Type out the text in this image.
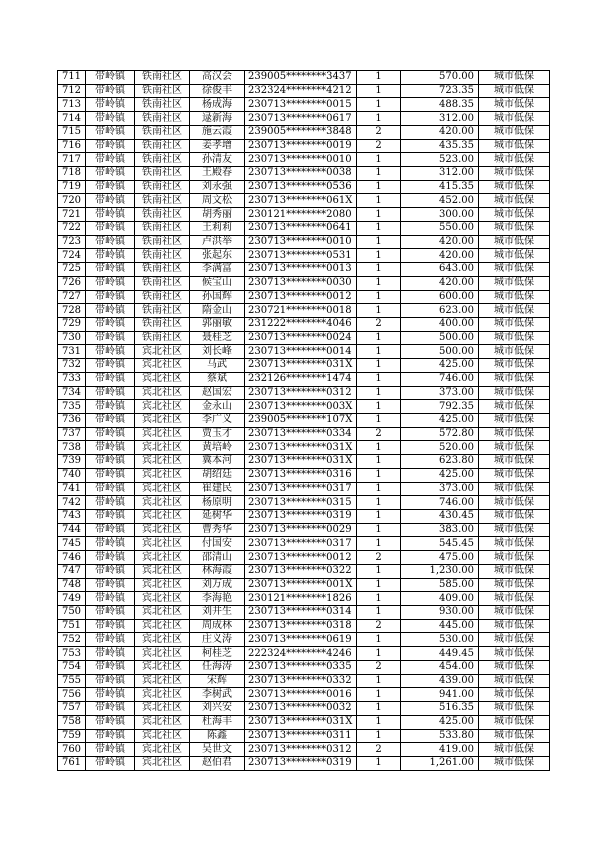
711	带岭镇	铁南社区	高汉会	239005********3437	1	570.00	城市低保
712	带岭镇	铁南社区	徐俊丰	232324********4212	1	723.35	城市低保
713	带岭镇	铁南社区	杨成海	230713********0015	1	488.35	城市低保
714	带岭镇	铁南社区	逯新海	230713********0617	1	312.00	城市低保
715	带岭镇	铁南社区	施云霞	239005********3848	2	420.00	城市低保
716	带岭镇	铁南社区	姜孝增	230713********0019	2	435.35	城市低保
717	带岭镇	铁南社区	孙清友	230713********0010	1	523.00	城市低保
718	带岭镇	铁南社区	王殿春	230713********0038	1	312.00	城市低保
719	带岭镇	铁南社区	刘永强	230713********0536	1	415.35	城市低保
720	带岭镇	铁南社区	周文松	230713********061X	1	452.00	城市低保
721	带岭镇	铁南社区	胡秀丽	230121********2080	1	300.00	城市低保
722	带岭镇	铁南社区	王莉莉	230713********0641	1	550.00	城市低保
723	带岭镇	铁南社区	卢洪举	230713********0010	1	420.00	城市低保
724	带岭镇	铁南社区	张起东	230713********0531	1	420.00	城市低保
725	带岭镇	铁南社区	李满富	230713********0013	1	643.00	城市低保
726	带岭镇	铁南社区	候宝山	230713********0030	1	420.00	城市低保
727	带岭镇	铁南社区	孙国辉	230713********0012	1	600.00	城市低保
728	带岭镇	铁南社区	隋金山	230721********0018	1	623.00	城市低保
729	带岭镇	铁南社区	郭丽敏	231222********4046	2	400.00	城市低保
730	带岭镇	铁南社区	聂桂芝	230713********0024	1	500.00	城市低保
731	带岭镇	宾北社区	刘长峰	230713********0014	1	500.00	城市低保
732	带岭镇	宾北社区	马武	230713********031X	1	425.00	城市低保
733	带岭镇	宾北社区	蔡斌	232126********1474	1	746.00	城市低保
734	带岭镇	宾北社区	赵国宏	230713********0312	1	373.00	城市低保
735	带岭镇	宾北社区	金永山	230713********003X	1	792.35	城市低保
736	带岭镇	宾北社区	李广义	239005********107X	1	425.00	城市低保
737	带岭镇	宾北社区	贾玉才	230713********0334	2	572.80	城市低保
738	带岭镇	宾北社区	黄培岭	230713********031X	1	520.00	城市低保
739	带岭镇	宾北社区	冀本河	230713********031X	1	623.80	城市低保
740	带岭镇	宾北社区	胡绍廷	230713********0316	1	425.00	城市低保
741	带岭镇	宾北社区	崔建民	230713********0317	1	373.00	城市低保
742	带岭镇	宾北社区	杨原明	230713********0315	1	746.00	城市低保
743	带岭镇	宾北社区	延树华	230713********0319	1	430.45	城市低保
744	带岭镇	宾北社区	曹秀华	230713********0029	1	383.00	城市低保
745	带岭镇	宾北社区	付国安	230713********0317	1	545.45	城市低保
746	带岭镇	宾北社区	邵清山	230713********0012	2	475.00	城市低保
747	带岭镇	宾北社区	林海霞	230713********0322	1	1,230.00	城市低保
748	带岭镇	宾北社区	刘万成	230713********001X	1	585.00	城市低保
749	带岭镇	宾北社区	李海艳	230121********1826	1	409.00	城市低保
750	带岭镇	宾北社区	刘井生	230713********0314	1	930.00	城市低保
751	带岭镇	宾北社区	周成林	230713********0318	2	445.00	城市低保
752	带岭镇	宾北社区	庄义涛	230713********0619	1	530.00	城市低保
753	带岭镇	宾北社区	柯桂芝	222324********4246	1	449.45	城市低保
754	带岭镇	宾北社区	任海涛	230713********0335	2	454.00	城市低保
755	带岭镇	宾北社区	宋辉	230713********0332	1	439.00	城市低保
756	带岭镇	宾北社区	李树武	230713********0016	1	941.00	城市低保
757	带岭镇	宾北社区	刘兴安	230713********0032	1	516.35	城市低保
758	带岭镇	宾北社区	杜海丰	230713********031X	1	425.00	城市低保
759	带岭镇	宾北社区	陈鑫	230713********0311	1	533.80	城市低保
760	带岭镇	宾北社区	吴世文	230713********0312	2	419.00	城市低保
761	带岭镇	宾北社区	赵伯君	230713********0319	1	1,261.00	城市低保
